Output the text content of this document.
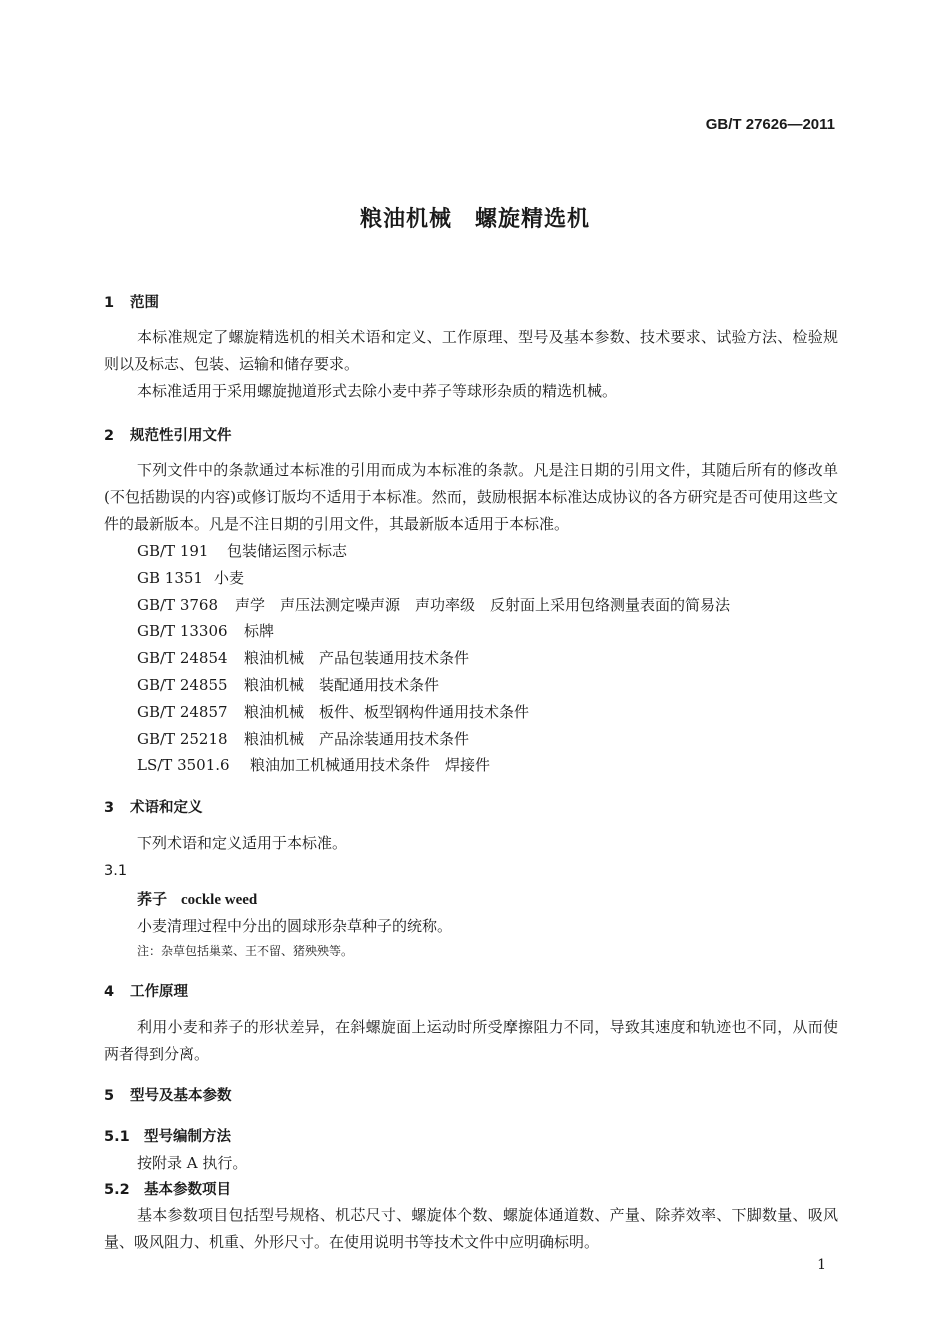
GB/T 27626—2011
粮油机械　螺旋精选机
1 范围

本标准规定了螺旋精选机的相关术语和定义、工作原理、型号及基本参数、技术要求、试验方法、检验规则以及标志、包装、运输和储存要求。

本标准适用于采用螺旋抛道形式去除小麦中荞子等球形杂质的精选机械。

2 规范性引用文件

下列文件中的条款通过本标准的引用而成为本标准的条款。凡是注日期的引用文件，其随后所有的修改单(不包括勘误的内容)或修订版均不适用于本标准。然而，鼓励根据本标准达成协议的各方研究是否可使用这些文件的最新版本。凡是不注日期的引用文件，其最新版本适用于本标准。

GB/T 191 包装储运图示标志
GB 1351 小麦
GB/T 3768 声学　声压法测定噪声源　声功率级　反射面上采用包络测量表面的简易法
GB/T 13306 标牌
GB/T 24854 粮油机械　产品包装通用技术条件
GB/T 24855 粮油机械　装配通用技术条件
GB/T 24857 粮油机械　板件、板型钢构件通用技术条件
GB/T 25218 粮油机械　产品涂装通用技术条件
LS/T 3501.6 粮油加工机械通用技术条件　焊接件
3 术语和定义

下列术语和定义适用于本标准。

3.1
荞子 cockle weed
小麦清理过程中分出的圆球形杂草种子的统称。
注：杂草包括巢菜、王不留、猪殃殃等。
4 工作原理

利用小麦和荞子的形状差异，在斜螺旋面上运动时所受摩擦阻力不同，导致其速度和轨迹也不同，从而使两者得到分离。

5 型号及基本参数
5.1 型号编制方法
按附录 A 执行。
5.2 基本参数项目

基本参数项目包括型号规格、机芯尺寸、螺旋体个数、螺旋体通道数、产量、除荞效率、下脚数量、吸风量、吸风阻力、机重、外形尺寸。在使用说明书等技术文件中应明确标明。

1
